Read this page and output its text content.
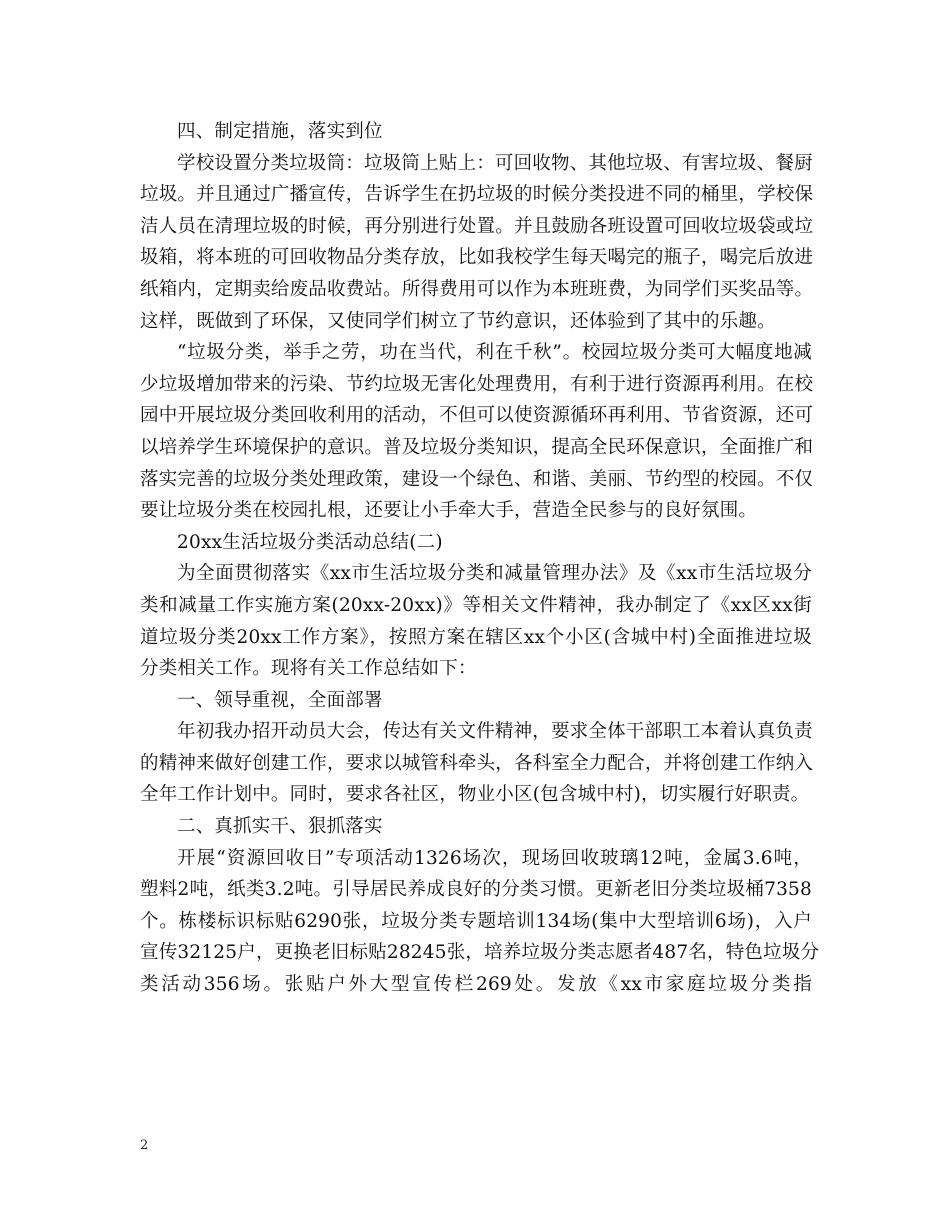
四、制定措施，落实到位
学校设置分类垃圾筒：垃圾筒上贴上：可回收物、其他垃圾、有害垃圾、餐厨
垃圾。并且通过广播宣传，告诉学生在扔垃圾的时候分类投进不同的桶里，学校保
洁人员在清理垃圾的时候，再分别进行处置。并且鼓励各班设置可回收垃圾袋或垃
圾箱，将本班的可回收物品分类存放，比如我校学生每天喝完的瓶子，喝完后放进
纸箱内，定期卖给废品收费站。所得费用可以作为本班班费，为同学们买奖品等。
这样，既做到了环保，又使同学们树立了节约意识，还体验到了其中的乐趣。
“垃圾分类，举手之劳，功在当代，利在千秋”。校园垃圾分类可大幅度地减
少垃圾增加带来的污染、节约垃圾无害化处理费用，有利于进行资源再利用。在校
园中开展垃圾分类回收利用的活动，不但可以使资源循环再利用、节省资源，还可
以培养学生环境保护的意识。普及垃圾分类知识，提高全民环保意识，全面推广和
落实完善的垃圾分类处理政策，建设一个绿色、和谐、美丽、节约型的校园。不仅
要让垃圾分类在校园扎根，还要让小手牵大手，营造全民参与的良好氛围。
20xx生活垃圾分类活动总结(二)
为全面贯彻落实《xx市生活垃圾分类和减量管理办法》及《xx市生活垃圾分
类和减量工作实施方案(20xx-20xx)》等相关文件精神，我办制定了《xx区xx街
道垃圾分类20xx工作方案》，按照方案在辖区xx个小区(含城中村)全面推进垃圾
分类相关工作。现将有关工作总结如下：
一、领导重视，全面部署
年初我办招开动员大会，传达有关文件精神，要求全体干部职工本着认真负责
的精神来做好创建工作，要求以城管科牵头，各科室全力配合，并将创建工作纳入
全年工作计划中。同时，要求各社区，物业小区(包含城中村)，切实履行好职责。
二、真抓实干、狠抓落实
开展“资源回收日”专项活动1326场次，现场回收玻璃12吨，金属3.6吨，
塑料2吨，纸类3.2吨。引导居民养成良好的分类习惯。更新老旧分类垃圾桶7358
个。栋楼标识标贴6290张，垃圾分类专题培训134场(集中大型培训6场)，入户
宣传32125户，更换老旧标贴28245张，培养垃圾分类志愿者487名，特色垃圾分
类活动356场。张贴户外大型宣传栏269处。发放《xx市家庭垃圾分类指
2
